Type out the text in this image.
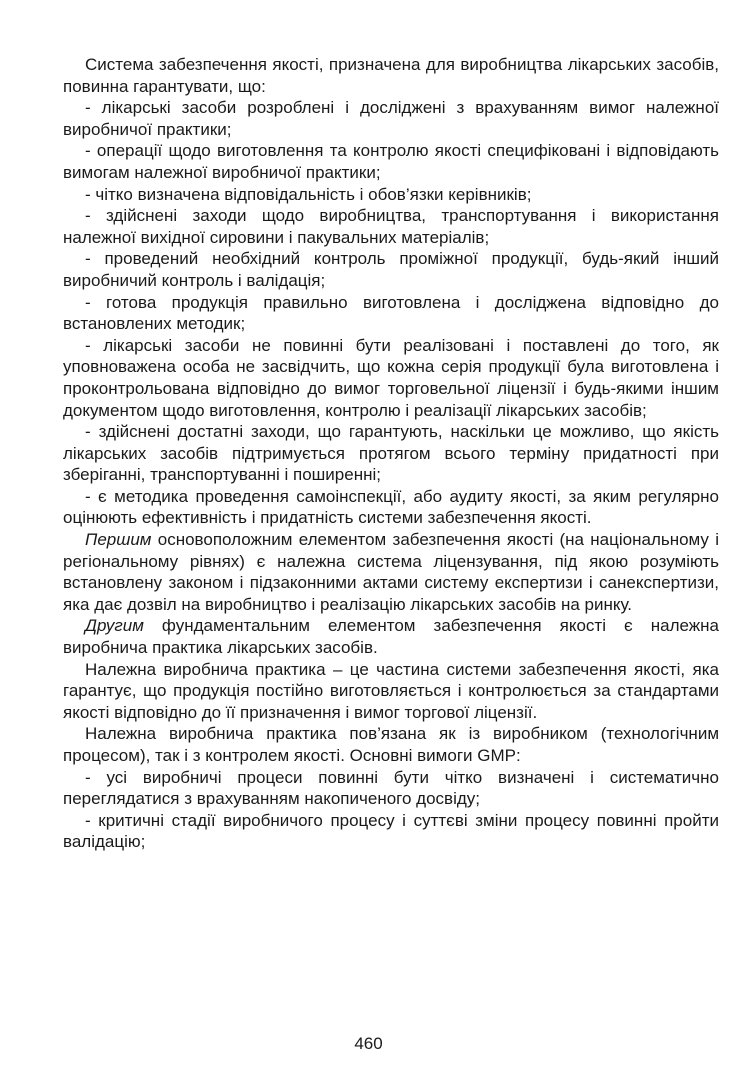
Система забезпечення якості, призначена для виробництва лікарських засобів, повинна гарантувати, що:

- лікарські засоби розроблені і досліджені з врахуванням вимог належної виробничої практики;

- операції щодо виготовлення та контролю якості специфіковані і відповідають вимогам належної виробничої практики;

- чітко визначена відповідальність і обов’язки керівників;

- здійснені заходи щодо виробництва, транспортування і використання належної вихідної сировини і пакувальних матеріалів;

- проведений необхідний контроль проміжної продукції, будь-який інший виробничий контроль і валідація;

- готова продукція правильно виготовлена і досліджена відповідно до встановлених методик;

- лікарські засоби не повинні бути реалізовані і поставлені до того, як уповноважена особа не засвідчить, що кожна серія продукції була виготовлена і проконтрольована відповідно до вимог торговельної ліцензії і будь-якими іншим документом щодо виготовлення, контролю і реалізації лікарських засобів;

- здійснені достатні заходи, що гарантують, наскільки це можливо, що якість лікарських засобів підтримується протягом всього терміну придатності при зберіганні, транспортуванні і поширенні;

- є методика проведення самоінспекції, або аудиту якості, за яким регулярно оцінюють ефективність і придатність системи забезпечення якості.

Першим основоположним елементом забезпечення якості (на національному і регіональному рівнях) є належна система ліцензування, під якою розуміють встановлену законом і підзаконними актами систему експертизи і санекспертизи, яка дає дозвіл на виробництво і реалізацію лікарських засобів на ринку.

Другим фундаментальним елементом забезпечення якості є належна виробнича практика лікарських засобів.

Належна виробнича практика – це частина системи забезпечення якості, яка гарантує, що продукція постійно виготовляється і контролюється за стандартами якості відповідно до її призначення і вимог торгової ліцензії.

Належна виробнича практика пов’язана як із виробником (технологічним процесом), так і з контролем якості. Основні вимоги GMP:

- усі виробничі процеси повинні бути чітко визначені і систематично переглядатися з врахуванням накопиченого досвіду;

- критичні стадії виробничого процесу і суттєві зміни процесу повинні пройти валідацію;

460
